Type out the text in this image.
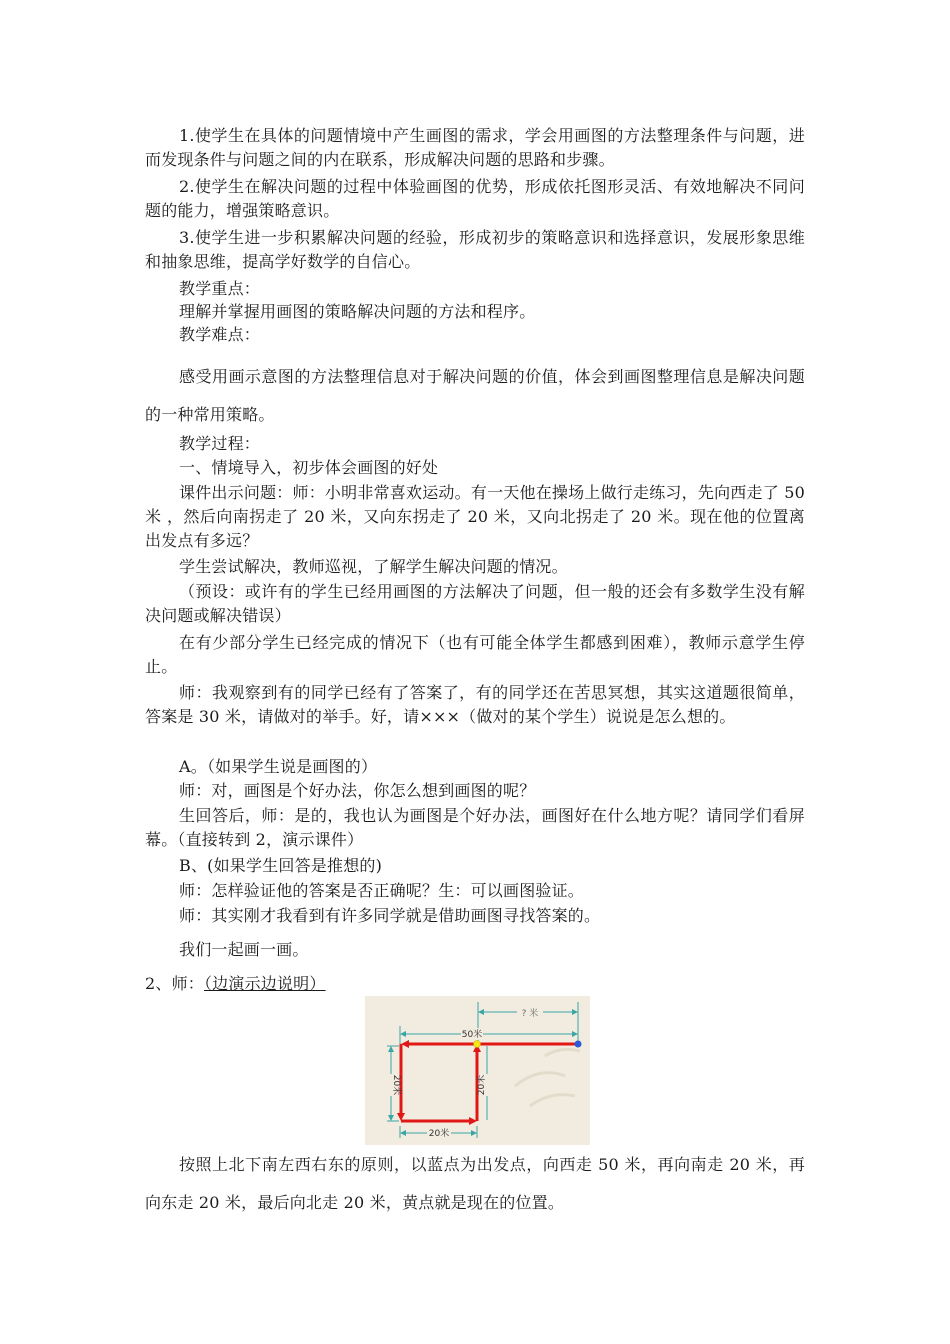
1.使学生在具体的问题情境中产生画图的需求，学会用画图的方法整理条件与问题，进而发现条件与问题之间的内在联系，形成解决问题的思路和步骤。

2.使学生在解决问题的过程中体验画图的优势，形成依托图形灵活、有效地解决不同问题的能力，增强策略意识。

3.使学生进一步积累解决问题的经验，形成初步的策略意识和选择意识，发展形象思维和抽象思维，提高学好数学的自信心。

教学重点：

理解并掌握用画图的策略解决问题的方法和程序。

教学难点：

感受用画示意图的方法整理信息对于解决问题的价值，体会到画图整理信息是解决问题的一种常用策略。

教学过程：

一、情境导入，初步体会画图的好处

课件出示问题：师：小明非常喜欢运动。有一天他在操场上做行走练习，先向西走了 50 米 ，然后向南拐走了 20 米，又向东拐走了 20 米，又向北拐走了 20 米。现在他的位置离出发点有多远？

学生尝试解决，教师巡视，了解学生解决问题的情况。

（预设：或许有的学生已经用画图的方法解决了问题，但一般的还会有多数学生没有解决问题或解决错误）

在有少部分学生已经完成的情况下（也有可能全体学生都感到困难），教师示意学生停止。

师：我观察到有的同学已经有了答案了，有的同学还在苦思冥想，其实这道题很简单，答案是 30 米，请做对的举手。好，请×××（做对的某个学生）说说是怎么想的。

A。（如果学生说是画图的）

师：对，画图是个好办法，你怎么想到画图的呢？

生回答后，师：是的，我也认为画图是个好办法，画图好在什么地方呢？请同学们看屏幕。（直接转到 2，演示课件）

B、(如果学生回答是推想的)

师：怎样验证他的答案是否正确呢？生：可以画图验证。

师：其实刚才我看到有许多同学就是借助画图寻找答案的。

我们一起画一画。

2、师：（边演示边说明）

? 米
50米
20米	20米
20米

按照上北下南左西右东的原则，以蓝点为出发点，向西走 50 米，再向南走 20 米，再向东走 20 米，最后向北走 20 米，黄点就是现在的位置。
